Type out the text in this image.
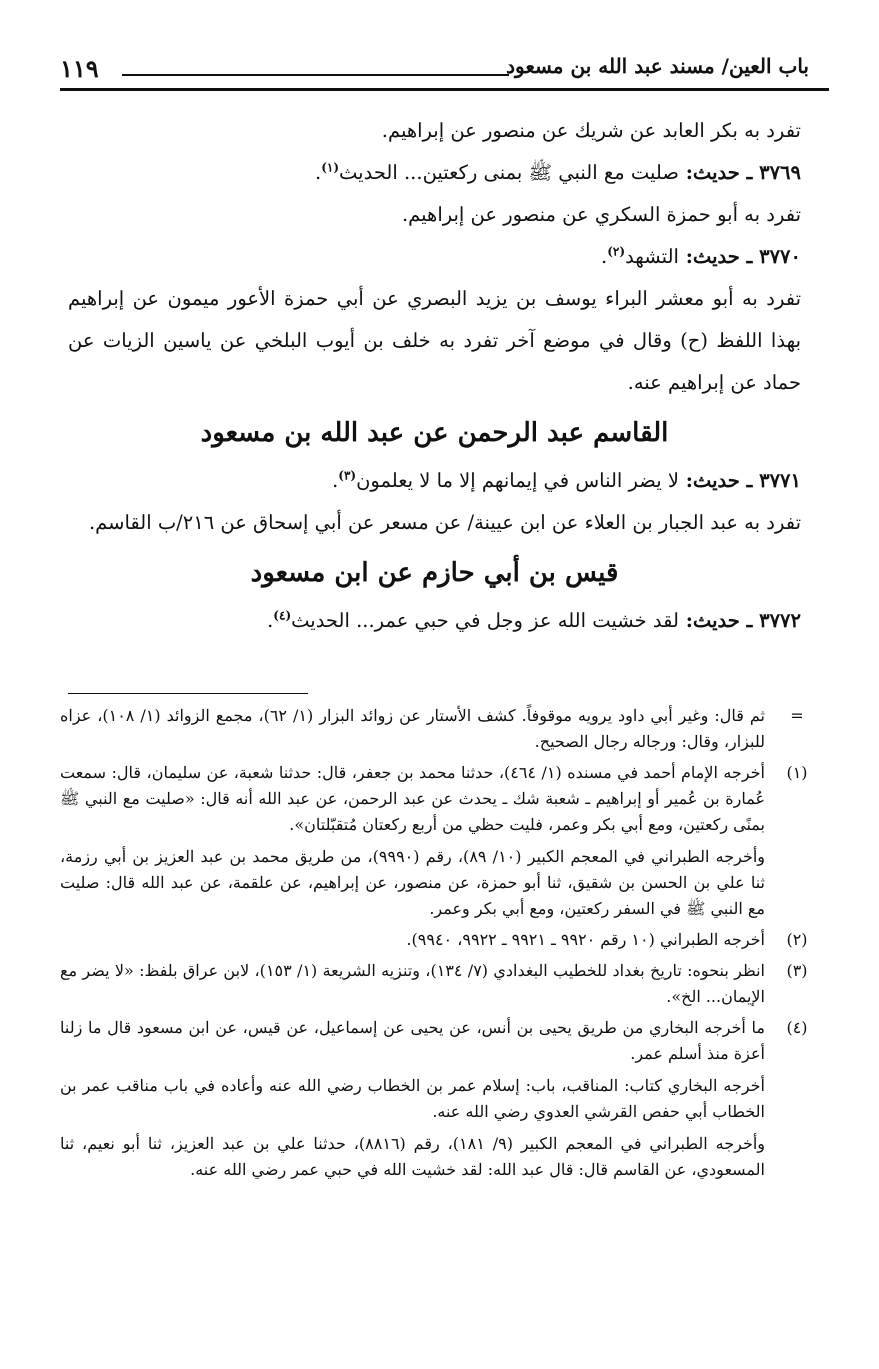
١١٩	باب العين/ مسند عبد الله بن مسعود

تفرد به بكر العابد عن شريك عن منصور عن إبراهيم.

٣٧٦٩ ـ حديث: صليت مع النبي ﷺ بمنى ركعتين... الحديث$^{(١)}$.

تفرد به أبو حمزة السكري عن منصور عن إبراهيم.

٣٧٧٠ ـ حديث: التشهد$^{(٢)}$.

تفرد به أبو معشر البراء يوسف بن يزيد البصري عن أبي حمزة الأعور ميمون عن إبراهيم بهذا اللفظ (ح) وقال في موضع آخر تفرد به خلف بن أيوب البلخي عن ياسين الزيات عن حماد عن إبراهيم عنه.

القاسم عبد الرحمن عن عبد الله بن مسعود

٣٧٧١ ـ حديث: لا يضر الناس في إيمانهم إلا ما لا يعلمون$^{(٣)}$.

تفرد به عبد الجبار بن العلاء عن ابن عيينة/ عن مسعر عن أبي إسحاق عن ٢١٦/ب القاسم.

قيس بن أبي حازم عن ابن مسعود

٣٧٧٢ ـ حديث: لقد خشيت الله عز وجل في حبي عمر... الحديث$^{(٤)}$.

=
ثم قال: وغير أبي داود يرويه موقوفاً. كشف الأستار عن زوائد البزار (١/ ٦٢)، مجمع الزوائد (١/ ١٠٨)، عزاه للبزار، وقال: ورجاله رجال الصحيح.
(١)
أخرجه الإمام أحمد في مسنده (١/ ٤٦٤)، حدثنا محمد بن جعفر، قال: حدثنا شعبة، عن سليمان، قال: سمعت عُمارة بن عُمير أو إبراهيم ـ شعبة شك ـ يحدث عن عبد الرحمن، عن عبد الله أنه قال: «صليت مع النبي ﷺ بمنًى ركعتين، ومع أبي بكر وعمر، فليت حظي من أربع ركعتان مُتقبّلتان».
وأخرجه الطبراني في المعجم الكبير (١٠/ ٨٩)، رقم (٩٩٩٠)، من طريق محمد بن عبد العزيز بن أبي رزمة، ثنا علي بن الحسن بن شقيق، ثنا أبو حمزة، عن منصور، عن إبراهيم، عن علقمة، عن عبد الله قال: صليت مع النبي ﷺ في السفر ركعتين، ومع أبي بكر وعمر.
(٢)
أخرجه الطبراني (١٠ رقم ٩٩٢٠ ـ ٩٩٢١ ـ ٩٩٢٢، ٩٩٤٠).
(٣)
انظر بنحوه: تاريخ بغداد للخطيب البغدادي (٧/ ١٣٤)، وتنزيه الشريعة (١/ ١٥٣)، لابن عراق بلفظ: «لا يضر مع الإيمان... الخ».
(٤)
ما أخرجه البخاري من طريق يحيى بن أنس، عن يحيى عن إسماعيل، عن قيس، عن ابن مسعود قال ما زلنا أعزة منذ أسلم عمر.
أخرجه البخاري كتاب: المناقب، باب: إسلام عمر بن الخطاب رضي الله عنه وأعاده في باب مناقب عمر بن الخطاب أبي حفص القرشي العدوي رضي الله عنه.
وأخرجه الطبراني في المعجم الكبير (٩/ ١٨١)، رقم (٨٨١٦)، حدثنا علي بن عبد العزيز، ثنا أبو نعيم، ثنا المسعودي، عن القاسم قال: قال عبد الله: لقد خشيت الله في حبي عمر رضي الله عنه.
